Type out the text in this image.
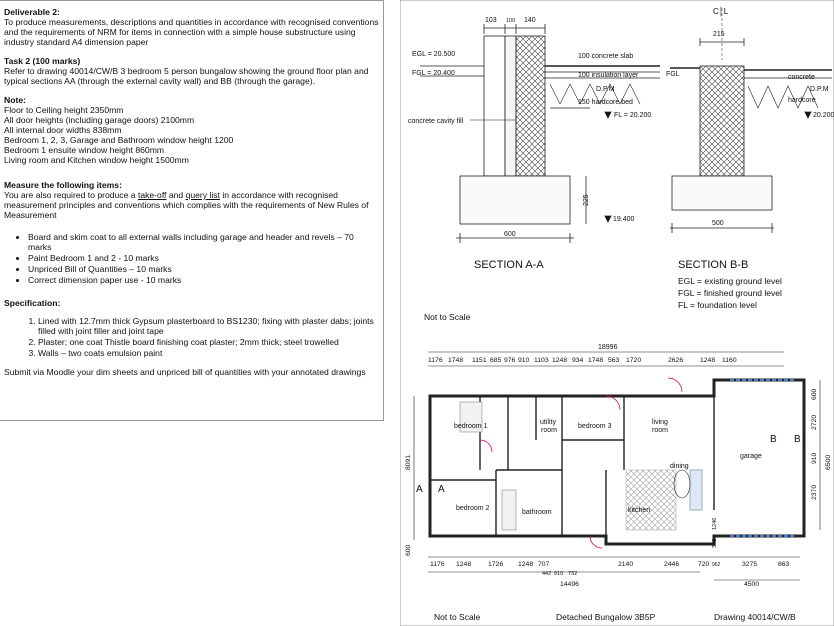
Deliverable 2:
To produce measurements, descriptions and quantities in accordance with recognised conventions and the requirements of NRM for items in connection with a simple house substructure using industry standard A4 dimension paper
Task 2 (100 marks)
Refer to drawing 40014/CW/B 3 bedroom 5 person bungalow showing the ground floor plan and typical sections AA (through the external cavity wall) and BB (through the garage).
Note:
Floor to Ceiling height 2350mm
All door heights (including garage doors) 2100mm
All internal door widths 838mm
Bedroom 1, 2, 3, Garage and Bathroom window height 1200
Bedroom 1 ensuite window height 860mm
Living room and Kitchen window height 1500mm
Measure the following items:
You are also required to produce a take-off and query list in accordance with recognised measurement principles and conventions which complies with the requirements of New Rules of Measurement
• Board and skim coat to all external walls including garage and header and revels – 70 marks
• Paint Bedroom 1 and 2 - 10 marks
• Unpriced Bill of Quantities – 10 marks
• Correct dimension paper use - 10 marks
Specification:
1. Lined with 12.7mm thick Gypsum plasterboard to BS1230; fixing with plaster dabs; joints filled with joint filler and joint tape
2. Plaster; one coat Thistle board finishing coat plaster; 2mm thick; steel trowelled
3. Walls – two coats emulsion paint
Submit via Moodle your dim sheets and unpriced bill of quantities with your annotated drawings
103 100 140
EGL = 20.500
FGL = 20.400
100 concrete slab
100 insulation layer
D.P.M
150 hardcore bed
FL = 20.200
concrete cavity fill
225
19.400
600
SECTION A-A
C│L
215
FGL	concrete
D.P.M
hardcore
20.200
500
SECTION B-B
EGL = existing ground level
FGL = finished ground level
FL = foundation level
Not to Scale
18996
1176 1748 1151 685 976 910 1103 1248 934 1748 563 1720	2626 1248 1160
bedroom 1
utility
room
bedroom 3
living
room
dining
garage
bedroom 2
bathroom	kitchen
A A
B B
8091
600
600
2720
910
2370
6500
1246
343
1176 1248 1726 1248 707	2140	2446	720 962	3275	863
442 910 732
14496	4500
Not to Scale	Detached Bungalow 3B5P	Drawing 40014/CW/B
